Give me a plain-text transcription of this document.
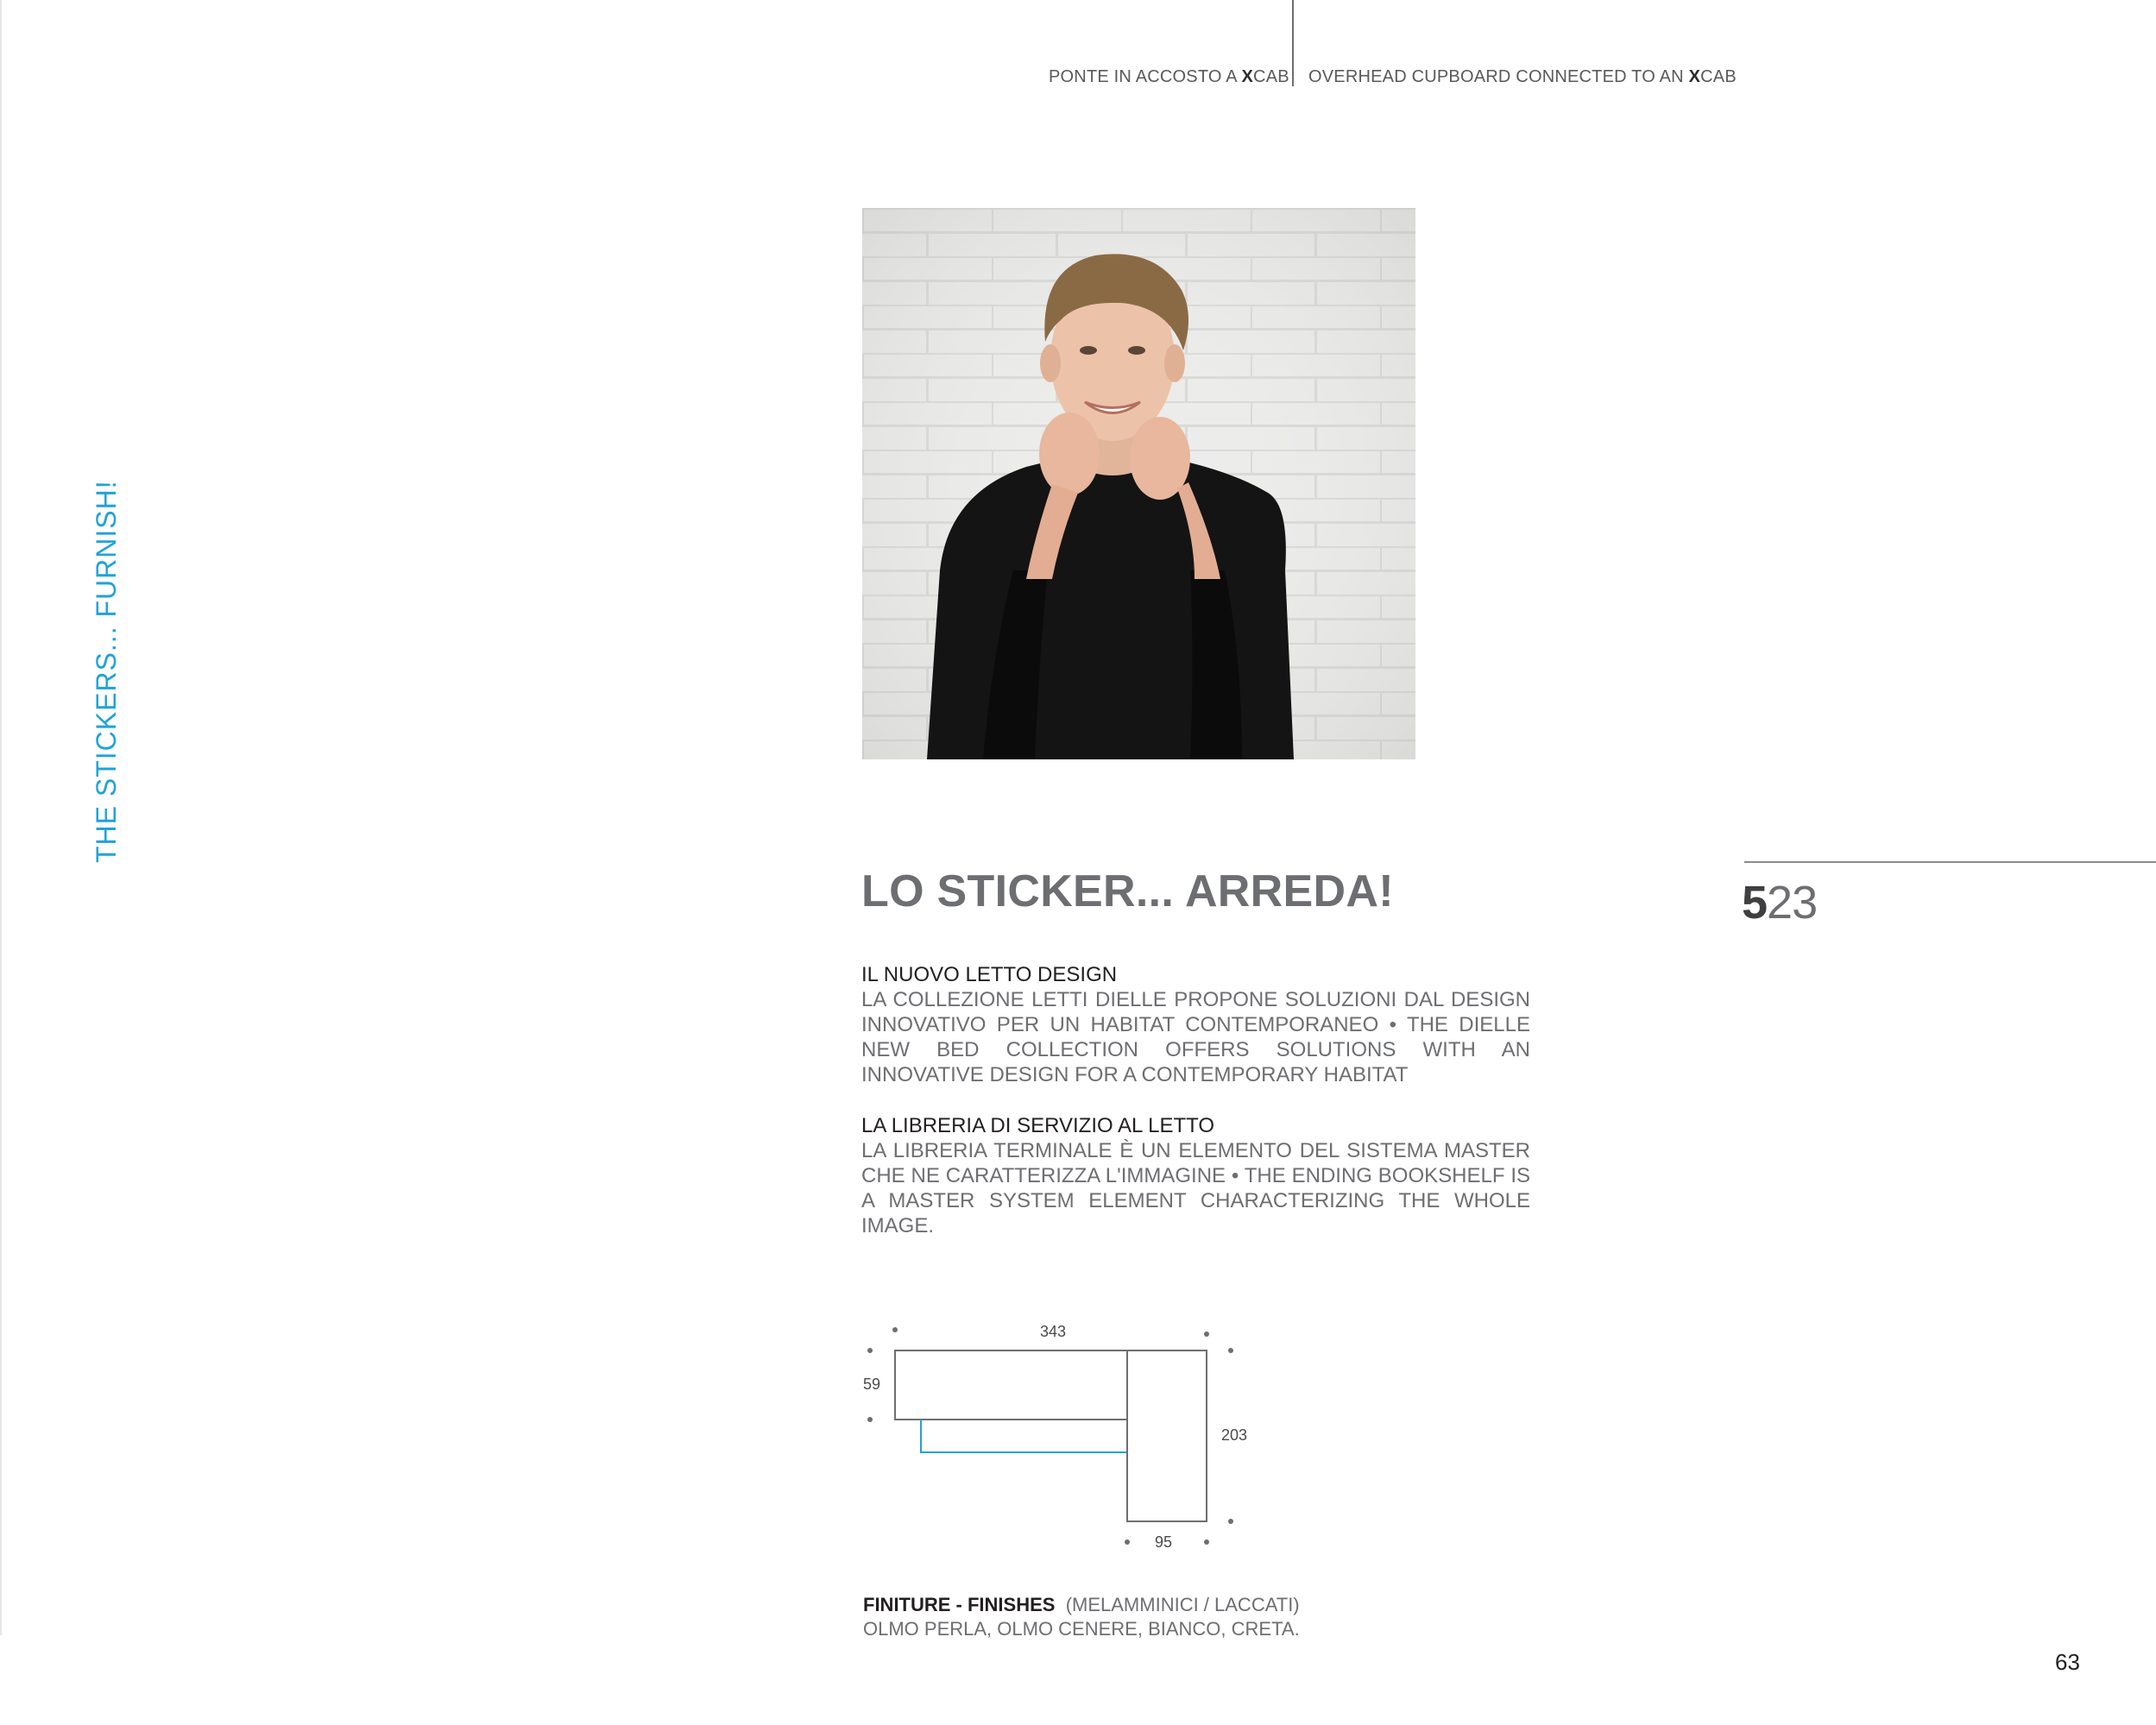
PONTE IN ACCOSTO A XCAB OVERHEAD CUPBOARD CONNECTED TO AN XCAB
THE STICKERS... FURNISH!
523
LO STICKER... ARREDA!
IL NUOVO LETTO DESIGN

LA COLLEZIONE LETTI DIELLE PROPONE SOLUZIONI DAL DESIGN INNOVATIVO PER UN HABITAT CONTEMPORANEO • THE DIELLE NEW BED COLLECTION OFFERS SOLUTIONS WITH AN INNOVATIVE DESIGN FOR A CONTEMPORARY HABITAT

LA LIBRERIA DI SERVIZIO AL LETTO

LA LIBRERIA TERMINALE È UN ELEMENTO DEL SISTEMA MASTER CHE NE CARATTERIZZA L'IMMAGINE • THE ENDING BOOKSHELF IS A MASTER SYSTEM ELEMENT CHARACTERIZING THE WHOLE IMAGE.

343
59
203
95
FINITURE - FINISHES (MELAMMINICI / LACCATI)
OLMO PERLA, OLMO CENERE, BIANCO, CRETA.
63
